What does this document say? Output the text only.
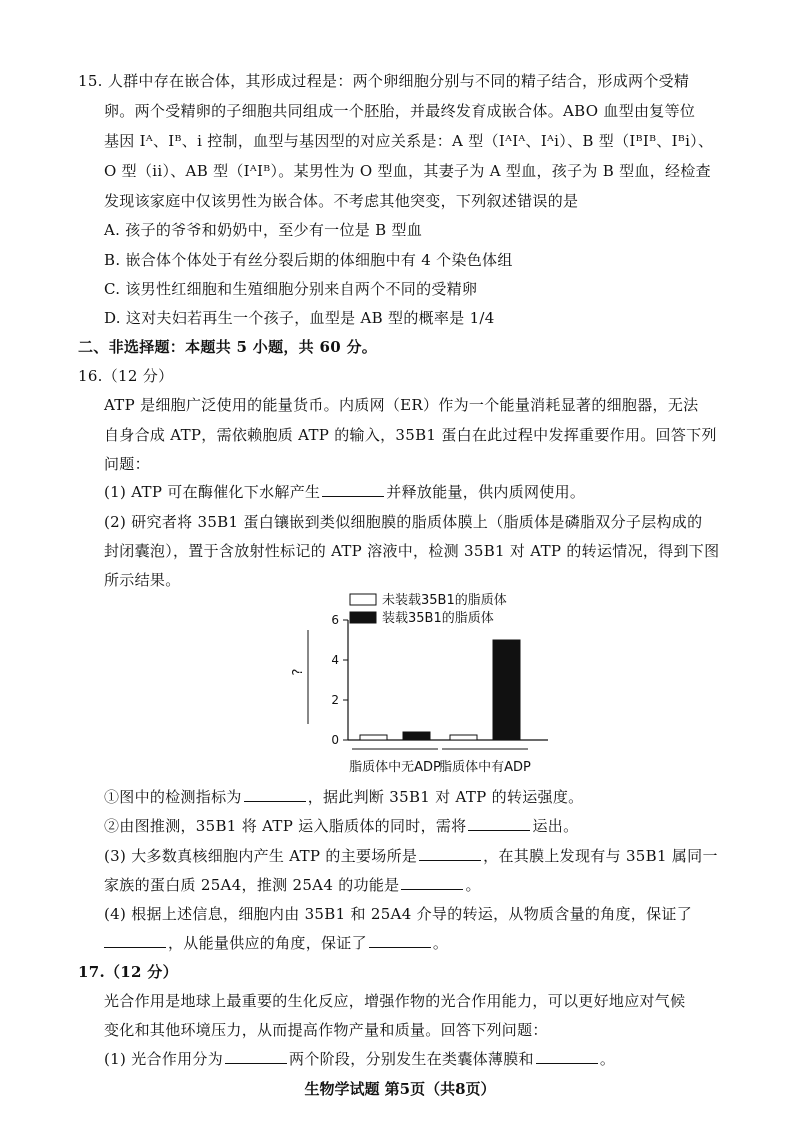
15. 人群中存在嵌合体，其形成过程是：两个卵细胞分别与不同的精子结合，形成两个受精
卵。两个受精卵的子细胞共同组成一个胚胎，并最终发育成嵌合体。ABO 血型由复等位
基因 Iᴬ、Iᴮ、i 控制，血型与基因型的对应关系是：A 型（IᴬIᴬ、Iᴬi）、B 型（IᴮIᴮ、Iᴮi）、
O 型（ii）、AB 型（IᴬIᴮ）。某男性为 O 型血，其妻子为 A 型血，孩子为 B 型血，经检查
发现该家庭中仅该男性为嵌合体。不考虑其他突变，下列叙述错误的是
A. 孩子的爷爷和奶奶中，至少有一位是 B 型血
B. 嵌合体个体处于有丝分裂后期的体细胞中有 4 个染色体组
C. 该男性红细胞和生殖细胞分别来自两个不同的受精卵
D. 这对夫妇若再生一个孩子，血型是 AB 型的概率是 1/4
二、非选择题：本题共 5 小题，共 60 分。
16.（12 分）
ATP 是细胞广泛使用的能量货币。内质网（ER）作为一个能量消耗显著的细胞器，无法
自身合成 ATP，需依赖胞质 ATP 的输入，35B1 蛋白在此过程中发挥重要作用。回答下列
问题：
(1) ATP 可在酶催化下水解产生	并释放能量，供内质网使用。
(2) 研究者将 35B1 蛋白镶嵌到类似细胞膜的脂质体膜上（脂质体是磷脂双分子层构成的
封闭囊泡），置于含放射性标记的 ATP 溶液中，检测 35B1 对 ATP 的转运情况，得到下图
所示结果。
未装载35B1的脂质体
装载35B1的脂质体
0
2
4
6
?
脂质体中无ADP
脂质体中有ADP
①图中的检测指标为	，据此判断 35B1 对 ATP 的转运强度。
②由图推测，35B1 将 ATP 运入脂质体的同时，需将	运出。
(3) 大多数真核细胞内产生 ATP 的主要场所是	，在其膜上发现有与 35B1 属同一
家族的蛋白质 25A4，推测 25A4 的功能是	。
(4) 根据上述信息，细胞内由 35B1 和 25A4 介导的转运，从物质含量的角度，保证了
，从能量供应的角度，保证了	。
17.（12 分）
光合作用是地球上最重要的生化反应，增强作物的光合作用能力，可以更好地应对气候
变化和其他环境压力，从而提高作物产量和质量。回答下列问题：
(1) 光合作用分为	两个阶段，分别发生在类囊体薄膜和	。
生物学试题 第5页（共8页）
